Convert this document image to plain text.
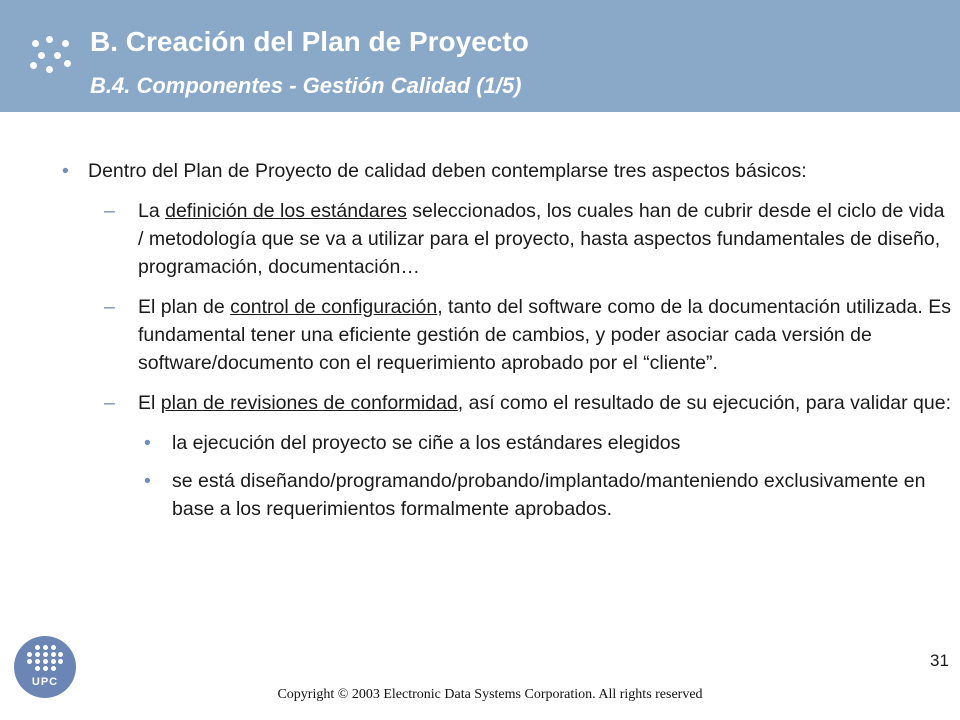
B. Creación del Plan de Proyecto
B.4. Componentes - Gestión Calidad (1/5)
• Dentro del Plan de Proyecto de calidad deben contemplarse tres aspectos básicos:
– La definición de los estándares seleccionados, los cuales han de cubrir desde el ciclo de vida / metodología que se va a utilizar para el proyecto, hasta aspectos fundamentales de diseño, programación, documentación…
– El plan de control de configuración, tanto del software como de la documentación utilizada. Es fundamental tener una eficiente gestión de cambios, y poder asociar cada versión de software/documento con el requerimiento aprobado por el “cliente”.
– El plan de revisiones de conformidad, así como el resultado de su ejecución, para validar que:
• la ejecución del proyecto se ciñe a los estándares elegidos
• se está diseñando/programando/probando/implantado/manteniendo exclusivamente en base a los requerimientos formalmente aprobados.
UPC
31
Copyright © 2003 Electronic Data Systems Corporation. All rights reserved
